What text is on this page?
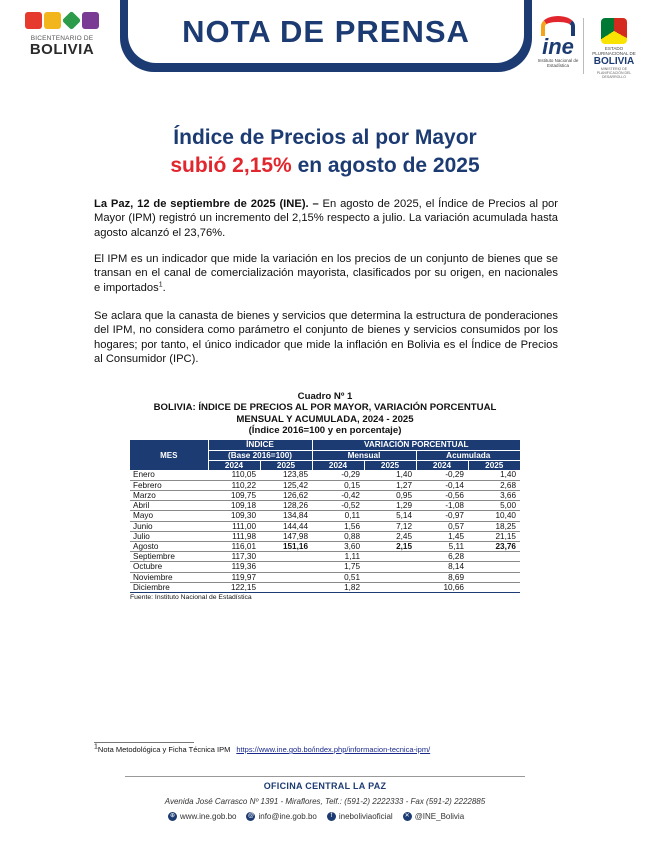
BICENTENARIO DE
BOLIVIA
NOTA DE PRENSA	ine
Instituto Nacional de Estadística
ESTADO PLURINACIONAL DE
BOLIVIA
MINISTERIO DE PLANIFICACIÓN DEL DESARROLLO
Índice de Precios al por Mayor
subió 2,15% en agosto de 2025
La Paz, 12 de septiembre de 2025 (INE). – En agosto de 2025, el Índice de Precios al por Mayor (IPM) registró un incremento del 2,15% respecto a julio. La variación acumulada hasta agosto alcanzó el 23,76%.
El IPM es un indicador que mide la variación en los precios de un conjunto de bienes que se transan en el canal de comercialización mayorista, clasificados por su origen, en nacionales e importados$^1$.
Se aclara que la canasta de bienes y servicios que determina la estructura de ponderaciones del IPM, no considera como parámetro el conjunto de bienes y servicios consumidos por los hogares; por tanto, el único indicador que mide la inflación en Bolivia es el Índice de Precios al Consumidor (IPC).
Cuadro Nº 1
BOLIVIA: ÍNDICE DE PRECIOS AL POR MAYOR, VARIACIÓN PORCENTUAL
MENSUAL Y ACUMULADA, 2024 - 2025
(Índice 2016=100 y en porcentaje)
MES	ÍNDICE		VARIACIÓN PORCENTUAL			
	(Base 2016=100)		Mensual		Acumulada	
	2024	2025	2024	2025	2024	2025
Enero	110,05	123,85	-0,29	1,40	-0,29	1,40
Febrero	110,22	125,42	0,15	1,27	-0,14	2,68
Marzo	109,75	126,62	-0,42	0,95	-0,56	3,66
Abril	109,18	128,26	-0,52	1,29	-1,08	5,00
Mayo	109,30	134,84	0,11	5,14	-0,97	10,40
Junio	111,00	144,44	1,56	7,12	0,57	18,25
Julio	111,98	147,98	0,88	2,45	1,45	21,15
Agosto	116,01	151,16	3,60	2,15	5,11	23,76
Septiembre	117,30		1,11		6,28	
Octubre	119,36		1,75		8,14	
Noviembre	119,97		0,51		8,69	
Diciembre	122,15		1,82		10,66	
Fuente: Instituto Nacional de Estadística
$^1$Nota Metodológica y Ficha Técnica IPM https://www.ine.gob.bo/index.php/informacion-tecnica-ipm/
OFICINA CENTRAL LA PAZ
Avenida José Carrasco Nº 1391 - Miraflores, Telf.: (591-2) 2222333 - Fax (591-2) 2222885
⊕ www.ine.gob.bo @ info@ine.gob.bo	f ineboliviaoficial	✕ @INE_Bolivia
